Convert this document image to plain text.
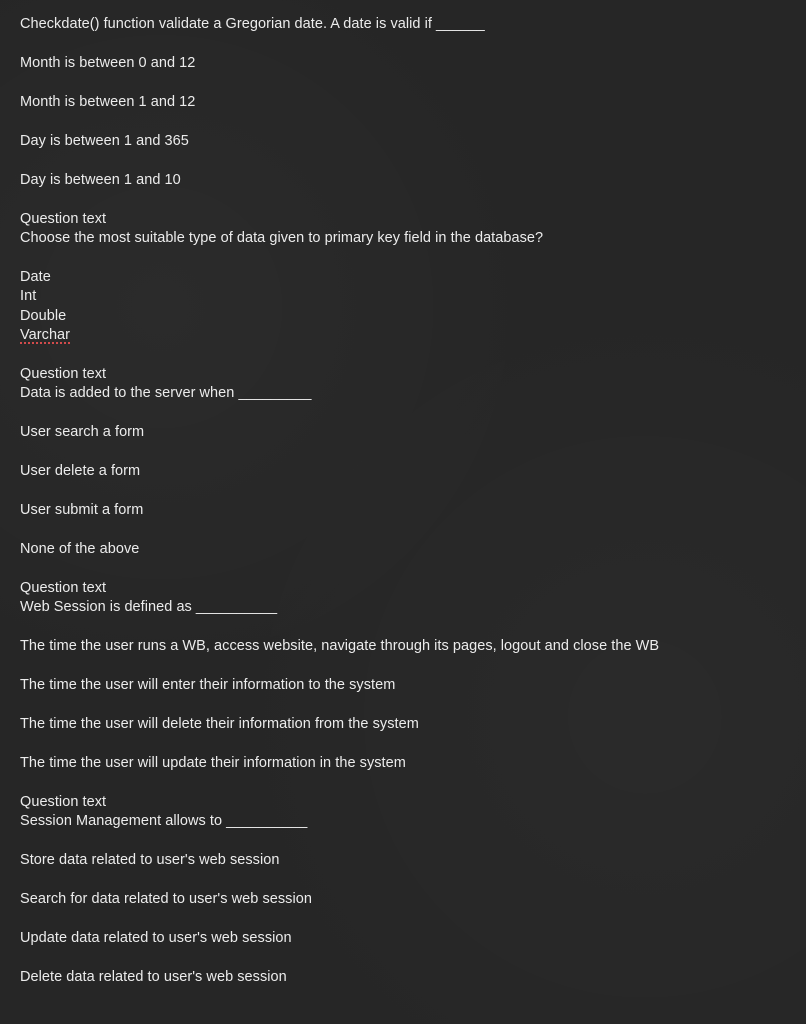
Checkdate() function validate a Gregorian date. A date is valid if ______
Month is between 0 and 12
Month is between 1 and 12
Day is between 1 and 365
Day is between 1 and 10
Question text
Choose the most suitable type of data given to primary key field in the database?
Date
Int
Double
Varchar
Question text
Data is added to the server when _________
User search a form
User delete a form
User submit a form
None of the above
Question text
Web Session is defined as __________
The time the user runs a WB, access website, navigate through its pages, logout and close the WB
The time the user will enter their information to the system
The time the user will delete their information from the system
The time the user will update their information in the system
Question text
Session Management allows to __________
Store data related to user's web session
Search for data related to user's web session
Update data related to user's web session
Delete data related to user's web session
